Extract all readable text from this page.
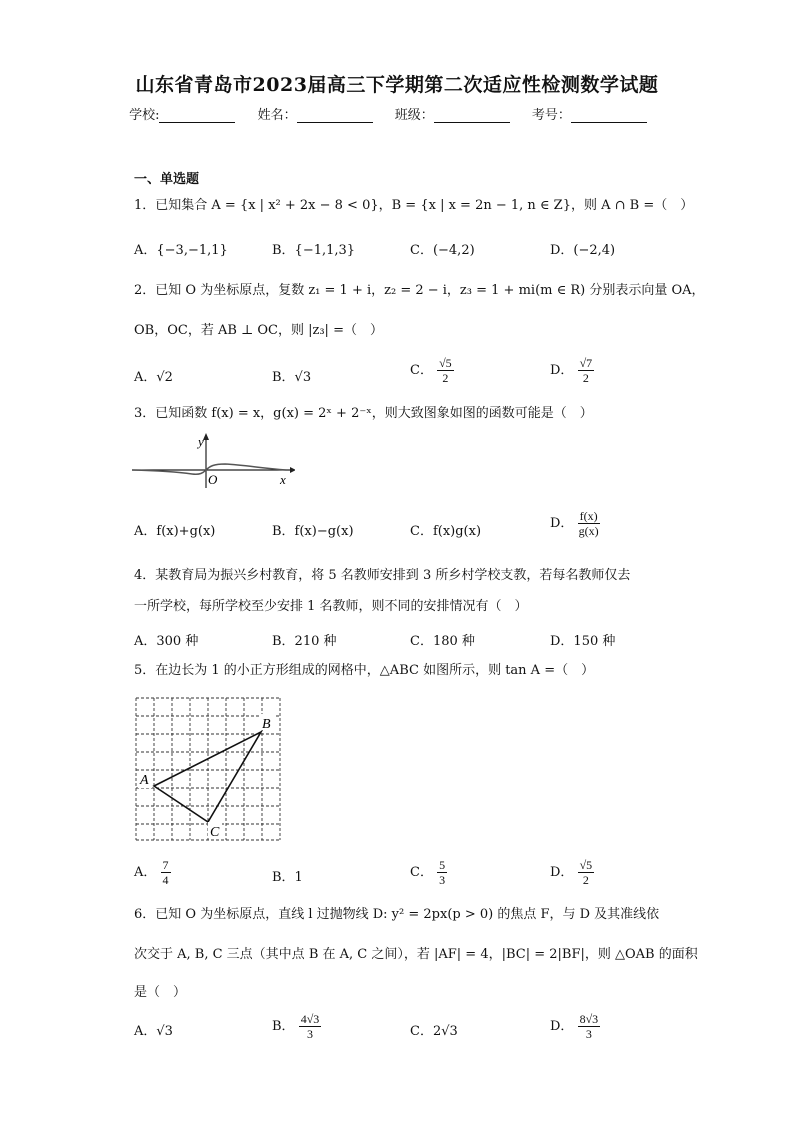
山东省青岛市2023届高三下学期第二次适应性检测数学试题
学校:	姓名：	班级：	考号：
一、单选题
1．已知集合 A = {x | x² + 2x − 8 < 0}，B = {x | x = 2n − 1, n ∈ Z}，则 A ∩ B =（　）
A．{−3,−1,1}	B．{−1,1,3}	C．(−4,2)	D．(−2,4)
2．已知 O 为坐标原点，复数 z₁ = 1 + i，z₂ = 2 − i，z₃ = 1 + mi(m ∈ R) 分别表示向量 OA，
OB，OC，若 AB ⊥ OC，则 |z₃| =（　）
A．√2	B．√3	C． $\frac{√5}{2}$	D． $\frac{√7}{2}$
3．已知函数 f(x) = x，g(x) = 2ˣ + 2⁻ˣ，则大致图象如图的函数可能是（　）
y
O	x
A．f(x)+g(x)	B．f(x)−g(x)	C．f(x)g(x)
D． $\frac{f(x)}{g(x)}$
4．某教育局为振兴乡村教育，将 5 名教师安排到 3 所乡村学校支教，若每名教师仅去
一所学校，每所学校至少安排 1 名教师，则不同的安排情况有（　）
A．300 种	B．210 种	C．180 种	D．150 种
5．在边长为 1 的小正方形组成的网格中，△ABC 如图所示，则 tan A =（　）
A
B
C
A． $\frac{7}{4}$	B．1	C． $\frac{5}{3}$	D． $\frac{√5}{2}$
6．已知 O 为坐标原点，直线 l 过抛物线 D: y² = 2px(p > 0) 的焦点 F，与 D 及其准线依
次交于 A, B, C 三点（其中点 B 在 A, C 之间），若 |AF| = 4，|BC| = 2|BF|，则 △OAB 的面积
是（　）
A．√3	B． $\frac{4√3}{3}$	C．2√3	D． $\frac{8√3}{3}$
